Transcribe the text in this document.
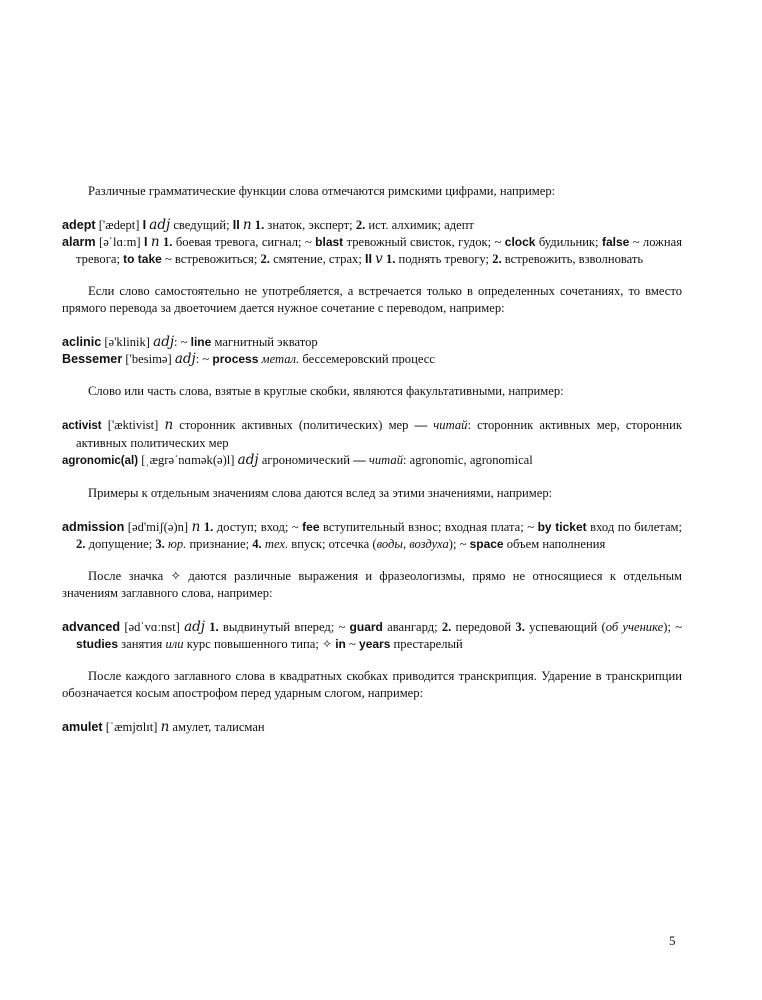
Различные грамматические функции слова отмечаются римскими цифрами, например:

adept ['ædept] I adj сведущий; II n 1. знаток, эксперт; 2. ист. алхимик; адепт

alarm [əˈlɑːm] I n 1. боевая тревога, сигнал; ~ blast тревожный свисток, гудок; ~ clock будильник; false ~ ложная тревога; to take ~ встревожиться; 2. смятение, страх; II v 1. поднять тревогу; 2. встревожить, взволновать

Если слово самостоятельно не употребляется, а встречается только в определенных сочетаниях, то вместо прямого перевода за двоеточием дается нужное сочетание с переводом, например:

aclinic [ə'klinik] adj: ~ line магнитный экватор

Bessemer ['besimə] adj: ~ process метал. бессемеровский процесс

Слово или часть слова, взятые в круглые скобки, являются факультативными, например:

activist ['æktivist] n сторонник активных (политических) мер — читай: сторонник активных мер, сторонник активных политических мер

agronomic(al) [ˌægrəˈnɑmək(ə)l] adj агрономический — читай: agronomic, agronomical

Примеры к отдельным значениям слова даются вслед за этими значениями, например:

admission [əd'miʃ(ə)n] n 1. доступ; вход; ~ fee вступительный взнос; входная плата; ~ by ticket вход по билетам; 2. допущение; 3. юр. признание; 4. тех. впуск; отсечка (воды, воздуха); ~ space объем наполнения

После значка ✧ даются различные выражения и фразеологизмы, прямо не относящиеся к отдельным значениям заглавного слова, например:

advanced [ədˈvɑːnst] adj 1. выдвинутый вперед; ~ guard авангард; 2. передовой 3. успевающий (об ученике); ~ studies занятия или курс повышенного типа; ✧ in ~ years престарелый

После каждого заглавного слова в квадратных скобках приводится транскрипция. Ударение в транскрипции обозначается косым апострофом перед ударным слогом, например:

amulet [ˈæmjʊlɪt] n амулет, талисман

5
